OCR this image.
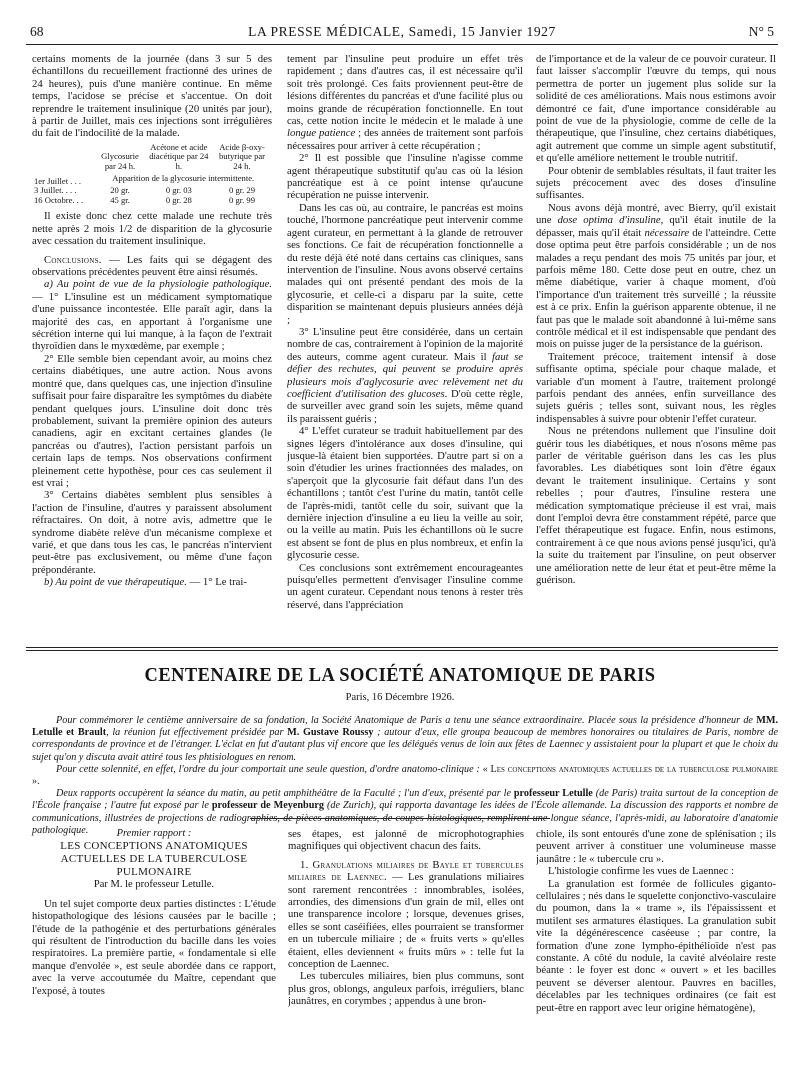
68	LA PRESSE MÉDICALE, Samedi, 15 Janvier 1927	N° 5

certains moments de la journée (dans 3 sur 5 des échantillons du recueillement fractionné des urines de 24 heures), puis d'une manière continue. En même temps, l'acidose se précise et s'accentue. On doit reprendre le traitement insulinique (20 unités par jour), à partir de Juillet, mais ces injections sont irrégulières du fait de l'indocilité de la malade.

	Glycosurie par 24 h.	Acétone et acide diacétique par 24 h.	Acide β-oxy-butyrique par 24 h.
1er Juillet . . .	Apparition de la glycosurie intermittente.		
3 Juillet. . . .	20 gr.	0 gr. 03	0 gr. 29
16 Octobre. . .	45 gr.	0 gr. 28	0 gr. 99

Il existe donc chez cette malade une rechute très nette après 2 mois 1/2 de disparition de la glycosurie avec cessation du traitement insulinique.

Conclusions. — Les faits qui se dégagent des observations précédentes peuvent être ainsi résumés.

a) Au point de vue de la physiologie pathologique. — 1° L'insuline est un médicament symptomatique d'une puissance incontestée. Elle paraît agir, dans la majorité des cas, en apportant à l'organisme une sécrétion interne qui lui manque, à la façon de l'extrait thyroïdien dans le myxœdème, par exemple ;

2° Elle semble bien cependant avoir, au moins chez certains diabétiques, une autre action. Nous avons montré que, dans quelques cas, une injection d'insuline suffisait pour faire disparaître les symptômes du diabète pendant quelques jours. L'insuline doit donc très probablement, suivant la première opinion des auteurs canadiens, agir en excitant certaines glandes (le pancréas ou d'autres), l'action persistant parfois un certain laps de temps. Nos observations confirment pleinement cette hypothèse, pour ces cas seulement il est vrai ;

3° Certains diabètes semblent plus sensibles à l'action de l'insuline, d'autres y paraissent absolument réfractaires. On doit, à notre avis, admettre que le syndrome diabète relève d'un mécanisme complexe et varié, et que dans tous les cas, le pancréas n'intervient peut-être pas exclusivement, ou même d'une façon prépondérante.

b) Au point de vue thérapeutique. — 1° Le trai-

tement par l'insuline peut produire un effet très rapidement ; dans d'autres cas, il est nécessaire qu'il soit très prolongé. Ces faits proviennent peut-être de lésions différentes du pancréas et d'une facilité plus ou moins grande de récupération fonctionnelle. En tout cas, cette notion incite le médecin et le malade à une longue patience ; des années de traitement sont parfois nécessaires pour arriver à cette récupération ;

2° Il est possible que l'insuline n'agisse comme agent thérapeutique substitutif qu'au cas où la lésion pancréatique est à ce point intense qu'aucune récupération ne puisse intervenir.

Dans les cas où, au contraire, le pancréas est moins touché, l'hormone pancréatique peut intervenir comme agent curateur, en permettant à la glande de retrouver ses fonctions. Ce fait de récupération fonctionnelle a du reste déjà été noté dans certains cas cliniques, sans intervention de l'insuline. Nous avons observé certains malades qui ont présenté pendant des mois de la glycosurie, et celle-ci a disparu par la suite, cette disparition se maintenant depuis plusieurs années déjà ;

3° L'insuline peut être considérée, dans un certain nombre de cas, contrairement à l'opinion de la majorité des auteurs, comme agent curateur. Mais il faut se défier des rechutes, qui peuvent se produire après plusieurs mois d'aglycosurie avec relèvement net du coefficient d'utilisation des glucoses. D'où cette règle, de surveiller avec grand soin les sujets, même quand ils paraissent guéris ;

4° L'effet curateur se traduit habituellement par des signes légers d'intolérance aux doses d'insuline, qui jusque-là étaient bien supportées. D'autre part si on a soin d'étudier les urines fractionnées des malades, on s'aperçoit que la glycosurie fait défaut dans l'un des échantillons ; tantôt c'est l'urine du matin, tantôt celle de l'après-midi, tantôt celle du soir, suivant que la dernière injection d'insuline a eu lieu la veille au soir, ou la veille au matin. Puis les échantillons où le sucre est absent se font de plus en plus nombreux, et enfin la glycosurie cesse.

Ces conclusions sont extrêmement encourageantes puisqu'elles permettent d'envisager l'insuline comme un agent curateur. Cependant nous tenons à rester très réservé, dans l'appréciation

de l'importance et de la valeur de ce pouvoir curateur. Il faut laisser s'accomplir l'œuvre du temps, qui nous permettra de porter un jugement plus solide sur la solidité de ces améliorations. Mais nous estimons avoir démontré ce fait, d'une importance considérable au point de vue de la physiologie, comme de celle de la thérapeutique, que l'insuline, chez certains diabétiques, agit autrement que comme un simple agent substitutif, et qu'elle améliore nettement le trouble nutritif.

Pour obtenir de semblables résultats, il faut traiter les sujets précocement avec des doses d'insuline suffisantes.

Nous avons déjà montré, avec Bierry, qu'il existait une dose optima d'insuline, qu'il était inutile de la dépasser, mais qu'il était nécessaire de l'atteindre. Cette dose optima peut être parfois considérable ; un de nos malades a reçu pendant des mois 75 unités par jour, et parfois même 180. Cette dose peut en outre, chez un même diabétique, varier à chaque moment, d'où l'importance d'un traitement très surveillé ; la réussite est à ce prix. Enfin la guérison apparente obtenue, il ne faut pas que le malade soit abandonné à lui-même sans contrôle médical et il est indispensable que pendant des mois on puisse juger de la persistance de la guérison.

Traitement précoce, traitement intensif à dose suffisante optima, spéciale pour chaque malade, et variable d'un moment à l'autre, traitement prolongé parfois pendant des années, enfin surveillance des sujets guéris ; telles sont, suivant nous, les règles indispensables à suivre pour obtenir l'effet curateur.

Nous ne prétendons nullement que l'insuline doit guérir tous les diabétiques, et nous n'osons même pas parler de véritable guérison dans les cas les plus favorables. Les diabétiques sont loin d'être égaux devant le traitement insulinique. Certains y sont rebelles ; pour d'autres, l'insuline restera une médication symptomatique précieuse il est vrai, mais dont l'emploi devra être constamment répété, parce que l'effet thérapeutique est fugace. Enfin, nous estimons, contrairement à ce que nous avions pensé jusqu'ici, qu'à la suite du traitement par l'insuline, on peut observer une amélioration nette de leur état et peut-être même la guérison.

CENTENAIRE DE LA SOCIÉTÉ ANATOMIQUE DE PARIS
Paris, 16 Décembre 1926.

Pour commémorer le centième anniversaire de sa fondation, la Société Anatomique de Paris a tenu une séance extraordinaire. Placée sous la présidence d'honneur de MM. Letulle et Brault, la réunion fut effectivement présidée par M. Gustave Roussy ; autour d'eux, elle groupa beaucoup de membres honoraires ou titulaires de Paris, nombre de correspondants de province et de l'étranger. L'éclat en fut d'autant plus vif encore que les délégués venus de loin aux fêtes de Laennec y assistaient pour la plupart et que le choix du sujet qu'on y discuta avait attiré tous les phtisiologues en renom.

Pour cette solennité, en effet, l'ordre du jour comportait une seule question, d'ordre anatomo-clinique : « Les conceptions anatomiques actuelles de la tuberculose pulmonaire ».

Deux rapports occupèrent la séance du matin, au petit amphithéâtre de la Faculté ; l'un d'eux, présenté par le professeur Letulle (de Paris) traita surtout de la conception de l'École française ; l'autre fut exposé par le professeur de Meyenburg (de Zurich), qui rapporta davantage les idées de l'École allemande. La discussion des rapports et nombre de communications, illustrées de projections de radiographies, de pièces anatomiques, de coupes histologiques, remplirent une longue séance, l'après-midi, au laboratoire d'anatomie pathologique.	Premier rapport :
LES CONCEPTIONS ANATOMIQUES ACTUELLES DE LA TUBERCULOSE PULMONAIRE
Par M. le professeur Letulle.

Un tel sujet comporte deux parties distinctes : L'étude histopathologique des lésions causées par le bacille ; l'étude de la pathogénie et des perturbations générales qui résultent de l'introduction du bacille dans les voies respiratoires. La première partie, « fondamentale si elle manque d'envolée », est seule abordée dans ce rapport, avec la verve accoutumée du Maître, cependant que l'exposé, à toutes

ses étapes, est jalonné de microphotographies magnifiques qui objectivent chacun des faits.

1. Granulations miliaires de Bayle et tubercules miliaires de Laennec. — Les granulations miliaires sont rarement rencontrées : innombrables, isolées, arrondies, des dimensions d'un grain de mil, elles ont une transparence incolore ; lorsque, devenues grises, elles se sont caséifiées, elles pourraient se transformer en un tubercule miliaire ; de « fruits verts » qu'elles étaient, elles deviennent « fruits mûrs » : telle fut la conception de Laennec.

Les tubercules miliaires, bien plus communs, sont plus gros, oblongs, anguleux parfois, irréguliers, blanc jaunâtres, en corymbes ; appendus à une bron-

chiole, ils sont entourés d'une zone de splénisation ; ils peuvent arriver à constituer une volumineuse masse jaunâtre : le « tubercule cru ».

L'histologie confirme les vues de Laennec :

La granulation est formée de follicules giganto-cellulaires ; nés dans le squelette conjonctivo-vasculaire du poumon, dans la « trame », ils l'épaississent et mutilent ses armatures élastiques. La granulation subit vite la dégénérescence caséeuse ; par contre, la formation d'une zone lympho-épithélioïde n'est pas constante. A côté du nodule, la cavité alvéolaire reste béante : le foyer est donc « ouvert » et les bacilles peuvent se déverser alentour. Pauvres en bacilles, décelables par les techniques ordinaires (ce fait est peut-être en rapport avec leur origine hématogène),
